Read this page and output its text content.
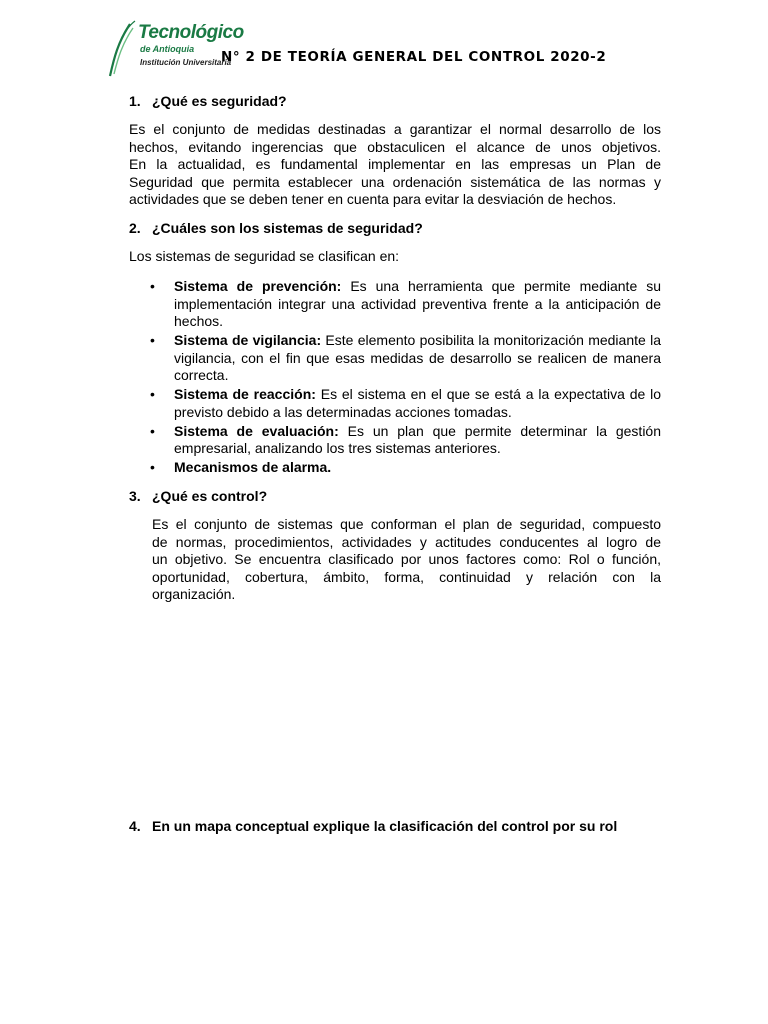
Tecnológico
de Antioquia
Institución Universitaria
N° 2 DE TEORÍA GENERAL DEL CONTROL 2020-2
1. ¿Qué es seguridad?
Es el conjunto de medidas destinadas a garantizar el normal desarrollo de los
hechos, evitando ingerencias que obstaculicen el alcance de unos objetivos.
En la actualidad, es fundamental implementar en las empresas un Plan de
Seguridad que permita establecer una ordenación sistemática de las normas y
actividades que se deben tener en cuenta para evitar la desviación de hechos.
2. ¿Cuáles son los sistemas de seguridad?
Los sistemas de seguridad se clasifican en:
• Sistema de prevención: Es una herramienta que permite mediante su implementación integrar una actividad preventiva frente a la anticipación de hechos.
• Sistema de vigilancia: Este elemento posibilita la monitorización mediante la vigilancia, con el fin que esas medidas de desarrollo se realicen de manera correcta.
• Sistema de reacción: Es el sistema en el que se está a la expectativa de lo previsto debido a las determinadas acciones tomadas.
• Sistema de evaluación: Es un plan que permite determinar la gestión empresarial, analizando los tres sistemas anteriores.
• Mecanismos de alarma.
3. ¿Qué es control?
Es el conjunto de sistemas que conforman el plan de seguridad, compuesto
de normas, procedimientos, actividades y actitudes conducentes al logro de
un objetivo. Se encuentra clasificado por unos factores como: Rol o función,
oportunidad, cobertura, ámbito, forma, continuidad y relación con la
organización.
4. En un mapa conceptual explique la clasificación del control por su rol
